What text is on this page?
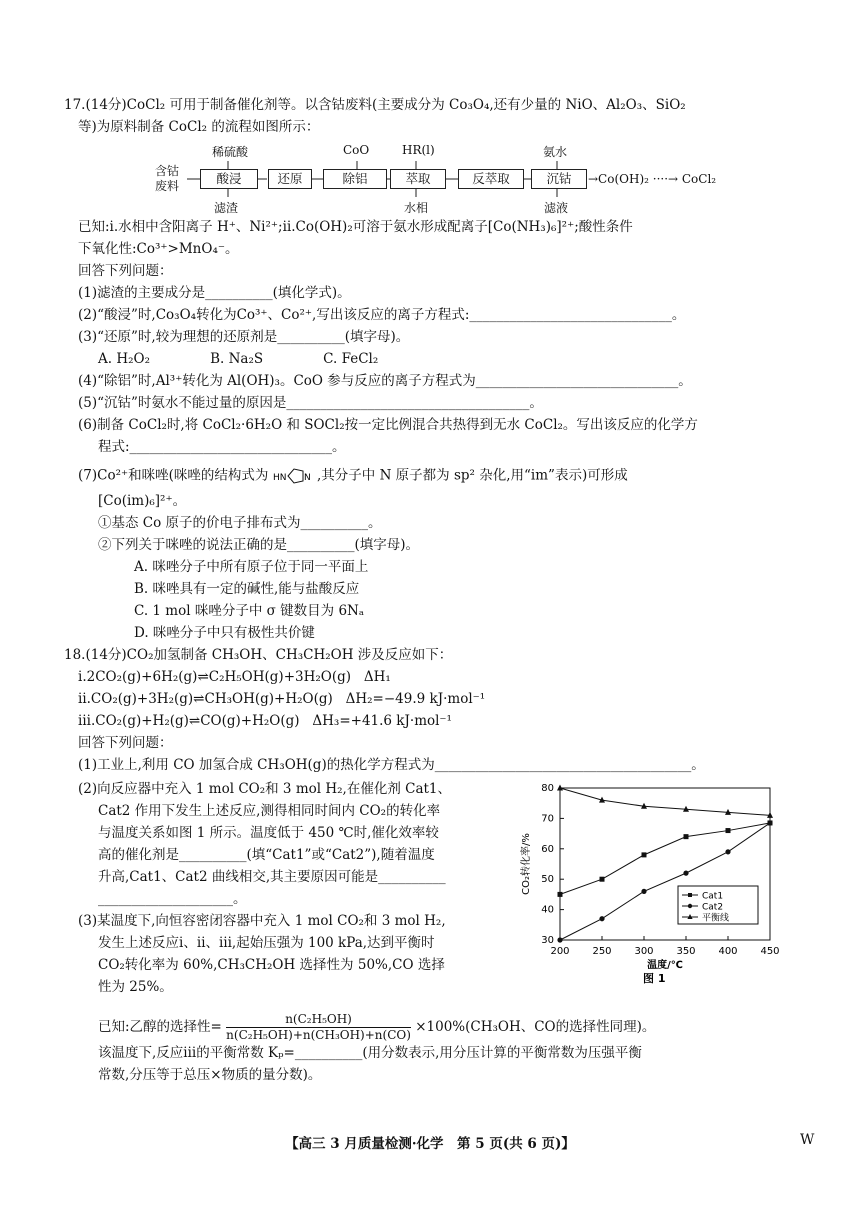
17.(14分)CoCl₂ 可用于制备催化剂等。以含钴废料(主要成分为 Co₃O₄,还有少量的 NiO、Al₂O₃、SiO₂
等)为原料制备 CoCl₂ 的流程如图所示：
含钴
废料
稀硫酸	CoO	HR(l)	氨水
酸浸	还原	除铝	萃取	反萃取	沉钴	→Co(OH)₂ ····→ CoCl₂
滤渣	水相	滤液
已知:ⅰ.水相中含阳离子 H⁺、Ni²⁺;ⅱ.Co(OH)₂可溶于氨水形成配离子[Co(NH₃)₆]²⁺;酸性条件
下氧化性:Co³⁺>MnO₄⁻。
回答下列问题：
(1)滤渣的主要成分是__________(填化学式)。
(2)“酸浸”时,Co₃O₄转化为Co³⁺、Co²⁺,写出该反应的离子方程式:______________________________。
(3)“还原”时,较为理想的还原剂是__________(填字母)。
A. H₂O₂              B. Na₂S              C. FeCl₂
(4)“除铝”时,Al³⁺转化为 Al(OH)₃。CoO 参与反应的离子方程式为______________________________。
(5)“沉钴”时氨水不能过量的原因是____________________________________。
(6)制备 CoCl₂时,将 CoCl₂·6H₂O 和 SOCl₂按一定比例混合共热得到无水 CoCl₂。写出该反应的化学方
程式:______________________________。
(7)Co²⁺和咪唑(咪唑的结构式为 HN N ,其分子中 N 原子都为 sp² 杂化,用“im”表示)可形成
[Co(im)₆]²⁺。
①基态 Co 原子的价电子排布式为__________。
②下列关于咪唑的说法正确的是__________(填字母)。
A. 咪唑分子中所有原子位于同一平面上
B. 咪唑具有一定的碱性,能与盐酸反应
C. 1 mol 咪唑分子中 σ 键数目为 6Nₐ
D. 咪唑分子中只有极性共价键
18.(14分)CO₂加氢制备 CH₃OH、CH₃CH₂OH 涉及反应如下：
ⅰ.2CO₂(g)+6H₂(g)⇌C₂H₅OH(g)+3H₂O(g)   ΔH₁
ⅱ.CO₂(g)+3H₂(g)⇌CH₃OH(g)+H₂O(g)   ΔH₂=−49.9 kJ·mol⁻¹
ⅲ.CO₂(g)+H₂(g)⇌CO(g)+H₂O(g)   ΔH₃=+41.6 kJ·mol⁻¹
回答下列问题：
(1)工业上,利用 CO 加氢合成 CH₃OH(g)的热化学方程式为______________________________________。
(2)向反应器中充入 1 mol CO₂和 3 mol H₂,在催化剂 Cat1、
Cat2 作用下发生上述反应,测得相同时间内 CO₂的转化率
与温度关系如图 1 所示。温度低于 450 ℃时,催化效率较
高的催化剂是__________(填“Cat1”或“Cat2”),随着温度
升高,Cat1、Cat2 曲线相交,其主要原因可能是__________
____________________。
(3)某温度下,向恒容密闭容器中充入 1 mol CO₂和 3 mol H₂,
发生上述反应ⅰ、ⅱ、ⅲ,起始压强为 100 kPa,达到平衡时
CO₂转化率为 60%,CH₃CH₂OH 选择性为 50%,CO 选择
性为 25%。
已知:乙醇的选择性= $\frac{\text{n(C₂H₅OH)}}{\text{n(C₂H₅OH)+n(CH₃OH)+n(CO)}} \times 100\%(CH_3OH$、CO的选择性同理)。
该温度下,反应ⅲ的平衡常数 Kₚ=__________(用分数表示,用分压计算的平衡常数为压强平衡
常数,分压等于总压×物质的量分数)。
200 250 300 350 400 450
30
40
50
60
70
80
温度/℃
CO₂转化率/%
图 1
Cat1
Cat2
平衡线
【高三 3 月质量检测·化学　第 5 页(共 6 页)】	W
